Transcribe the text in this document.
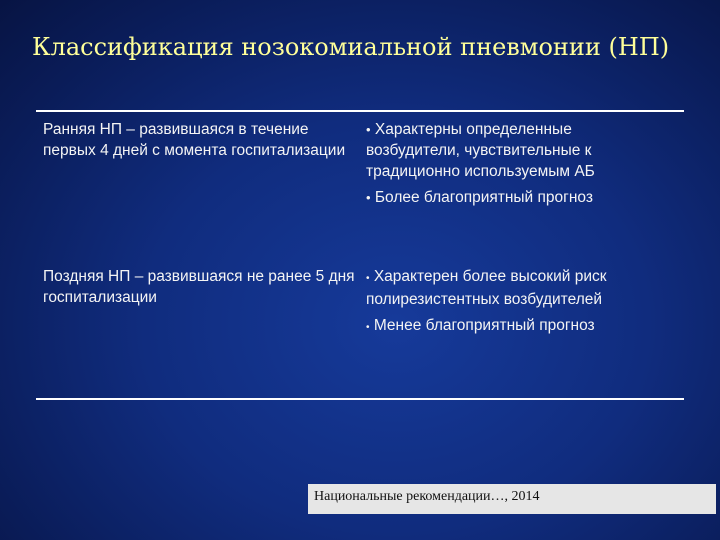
Классификация нозокомиальной пневмонии (НП)
Ранняя НП – развившаяся в течение первых 4 дней с момента госпитализации
• Характерны определенные возбудители, чувствительные к традиционно используемым АБ
• Более благоприятный прогноз
Поздняя НП – развившаяся не ранее 5 дня госпитализации
• Характерен более высокий риск полирезистентных возбудителей
• Менее благоприятный прогноз
Национальные рекомендации…, 2014
